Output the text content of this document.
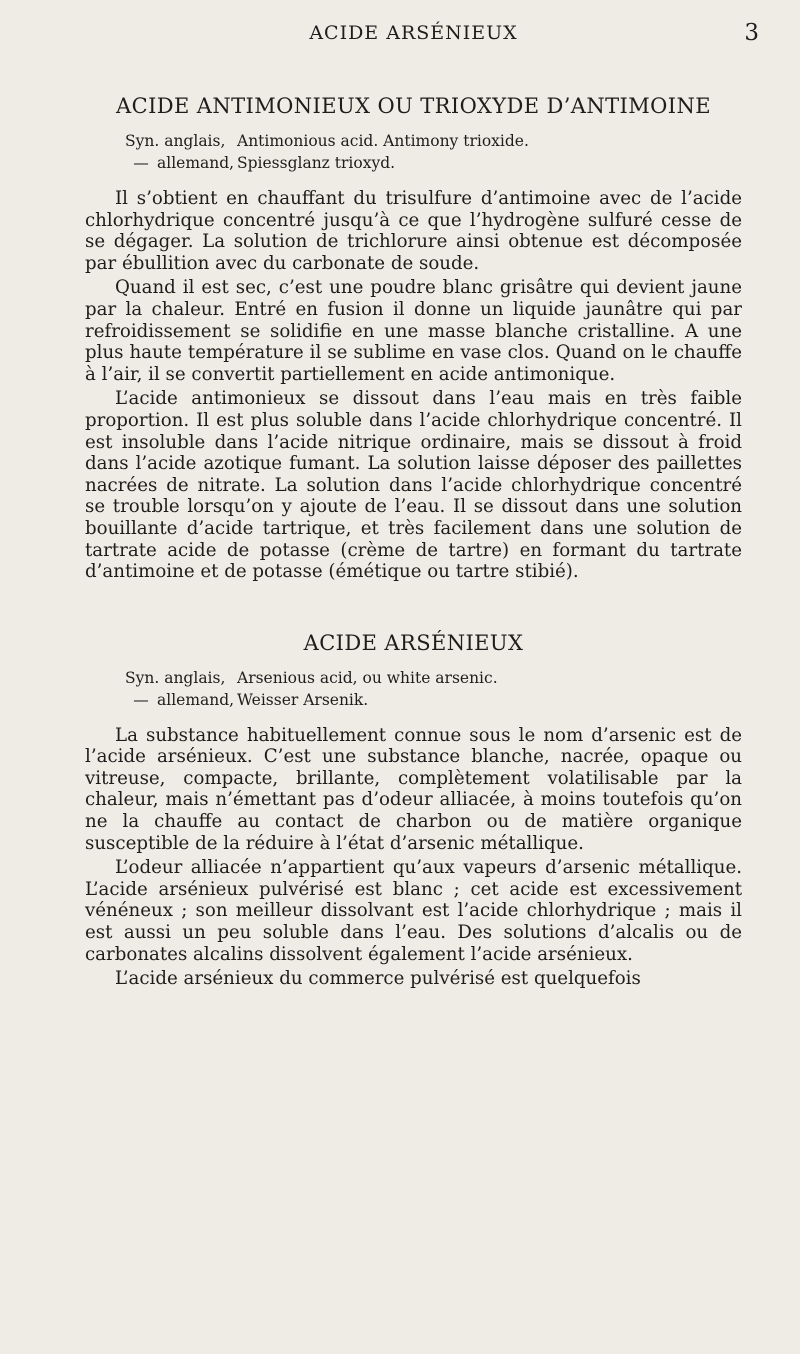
ACIDE ARSÉNIEUX	3
ACIDE ANTIMONIEUX OU TRIOXYDE D’ANTIMOINE
Syn. anglais, Antimonious acid. Antimony trioxide.
— allemand, Spiessglanz trioxyd.

Il s’obtient en chauffant du trisulfure d’antimoine avec de l’acide chlorhydrique concentré jusqu’à ce que l’hydrogène sulfuré cesse de se dégager. La solution de trichlorure ainsi obtenue est décomposée par ébullition avec du carbonate de soude.

Quand il est sec, c’est une poudre blanc grisâtre qui devient jaune par la chaleur. Entré en fusion il donne un liquide jaunâtre qui par refroidissement se solidifie en une masse blanche cristalline. A une plus haute température il se sublime en vase clos. Quand on le chauffe à l’air, il se convertit partiellement en acide antimonique.

L’acide antimonieux se dissout dans l’eau mais en très faible proportion. Il est plus soluble dans l’acide chlorhydrique concentré. Il est insoluble dans l’acide nitrique ordinaire, mais se dissout à froid dans l’acide azotique fumant. La solution laisse déposer des paillettes nacrées de nitrate. La solution dans l’acide chlorhydrique concentré se trouble lorsqu’on y ajoute de l’eau. Il se dissout dans une solution bouillante d’acide tartrique, et très facilement dans une solution de tartrate acide de potasse (crème de tartre) en formant du tartrate d’antimoine et de potasse (émétique ou tartre stibié).

ACIDE ARSÉNIEUX
Syn. anglais, Arsenious acid, ou white arsenic.
— allemand, Weisser Arsenik.

La substance habituellement connue sous le nom d’arsenic est de l’acide arsénieux. C’est une substance blanche, nacrée, opaque ou vitreuse, compacte, brillante, complètement volatilisable par la chaleur, mais n’émettant pas d’odeur alliacée, à moins toutefois qu’on ne la chauffe au contact de charbon ou de matière organique susceptible de la réduire à l’état d’arsenic métallique.

L’odeur alliacée n’appartient qu’aux vapeurs d’arsenic métallique. L’acide arsénieux pulvérisé est blanc ; cet acide est excessivement vénéneux ; son meilleur dissolvant est l’acide chlorhydrique ; mais il est aussi un peu soluble dans l’eau. Des solutions d’alcalis ou de carbonates alcalins dissolvent également l’acide arsénieux.

L’acide arsénieux du commerce pulvérisé est quelquefois
